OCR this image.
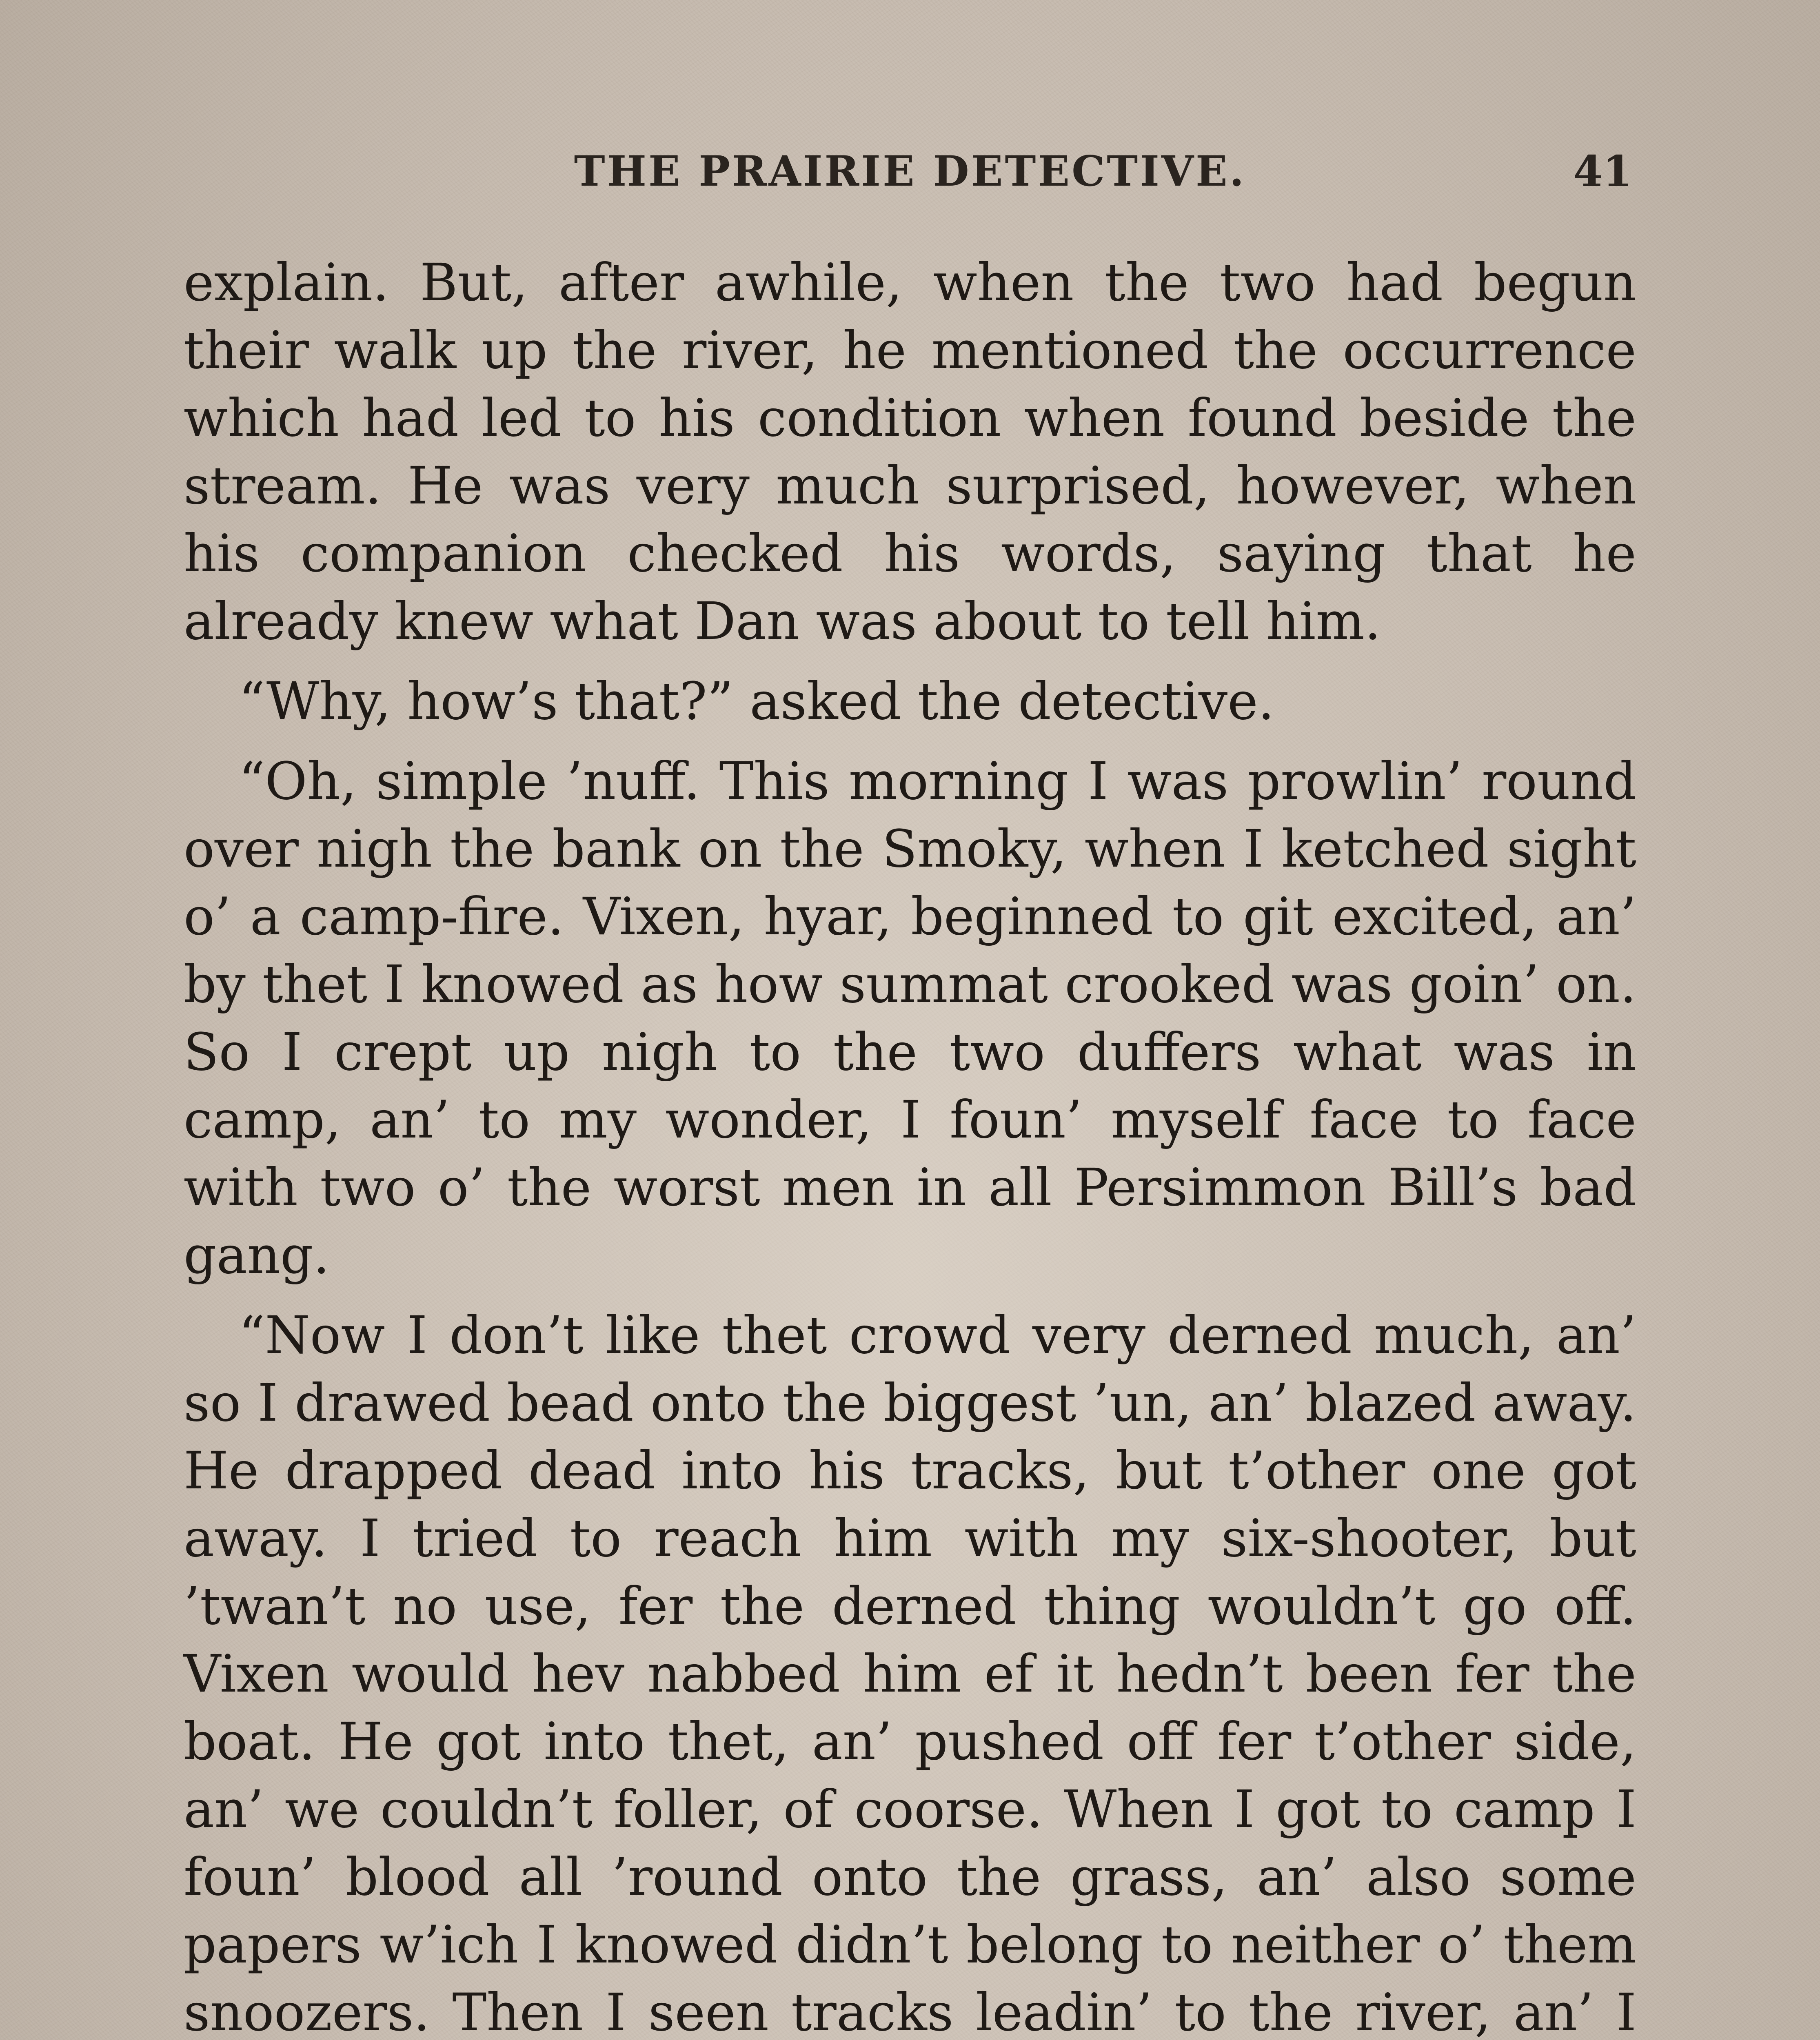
THE PRAIRIE DETECTIVE.	41

explain. But, after awhile, when the two had begun their walk up the river, he mentioned the occurrence which had led to his condition when found beside the stream. He was very much surprised, however, when his companion checked his words, saying that he already knew what Dan was about to tell him.

“Why, how’s that?” asked the detective.

“Oh, simple ’nuff. This morning I was prowlin’ round over nigh the bank on the Smoky, when I ketched sight o’ a camp-fire. Vixen, hyar, beginned to git excited, an’ by thet I knowed as how summat crooked was goin’ on. So I crept up nigh to the two duffers what was in camp, an’ to my wonder, I foun’ myself face to face with two o’ the worst men in all Persimmon Bill’s bad gang.

“Now I don’t like thet crowd very derned much, an’ so I drawed bead onto the biggest ’un, an’ blazed away. He drapped dead into his tracks, but t’other one got away. I tried to reach him with my six-shooter, but ’twan’t no use, fer the derned thing wouldn’t go off. Vixen would hev nabbed him ef it hedn’t been fer the boat. He got into thet, an’ pushed off fer t’other side, an’ we couldn’t foller, of coorse. When I got to camp I foun’ blood all ’round onto the grass, an’ also some papers w’ich I knowed didn’t belong to neither o’ them snoozers. Then I seen tracks leadin’ to the river, an’ I
